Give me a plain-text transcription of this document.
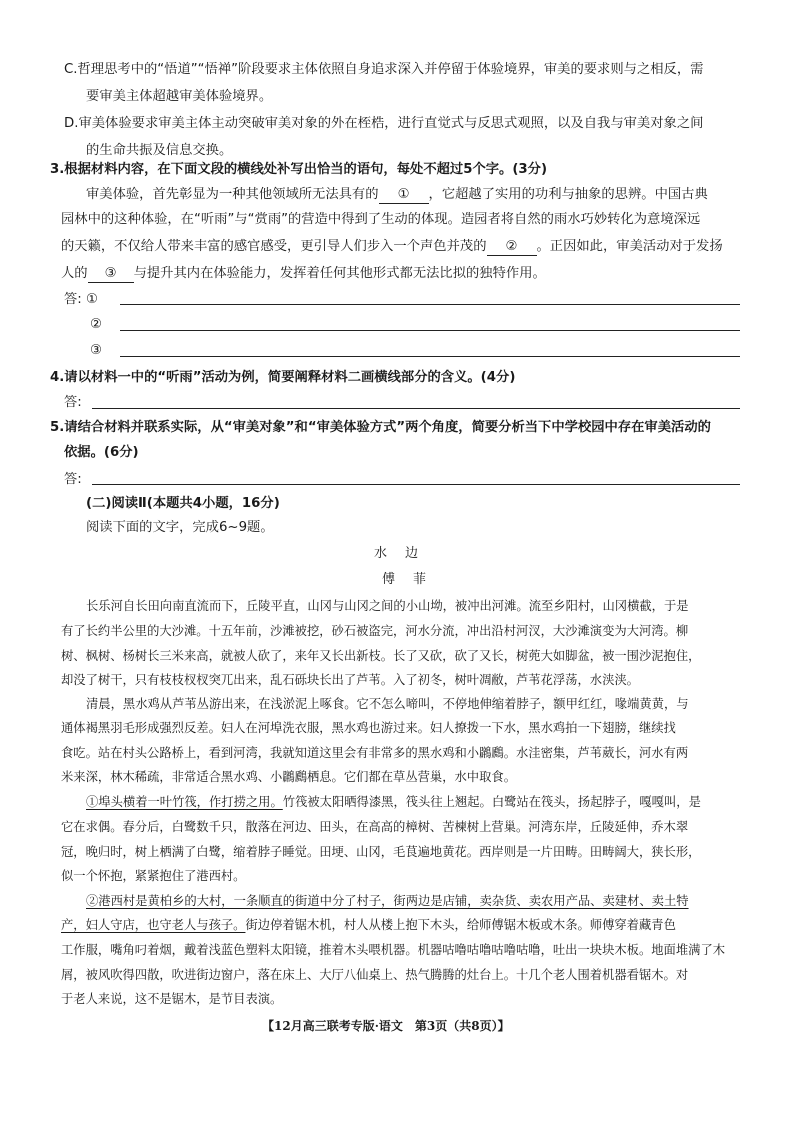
C.哲理思考中的“悟道”“悟禅”阶段要求主体依照自身追求深入并停留于体验境界，审美的要求则与之相反，需
要审美主体超越审美体验境界。
D.审美体验要求审美主体主动突破审美对象的外在桎梏，进行直觉式与反思式观照，以及自我与审美对象之间
的生命共振及信息交换。
3.根据材料内容，在下面文段的横线处补写出恰当的语句，每处不超过5个字。(3分)
审美体验，首先彰显为一种其他领域所无法具有的 ① ，它超越了实用的功利与抽象的思辨。中国古典
园林中的这种体验，在“听雨”与“赏雨”的营造中得到了生动的体现。造园者将自然的雨水巧妙转化为意境深远
的天籁，不仅给人带来丰富的感官感受，更引导人们步入一个声色并茂的 ② 。正因如此，审美活动对于发扬
人的 ③ 与提升其内在体验能力，发挥着任何其他形式都无法比拟的独特作用。
答: ①
②
③
4.请以材料一中的“听雨”活动为例，简要阐释材料二画横线部分的含义。(4分)
答:
5.请结合材料并联系实际，从“审美对象”和“审美体验方式”两个角度，简要分析当下中学校园中存在审美活动的
依据。(6分)
答:
(二)阅读Ⅱ(本题共4小题，16分)
阅读下面的文字，完成6~9题。
水边
傅菲
长乐河自长田向南直流而下，丘陵平直，山冈与山冈之间的小山坳，被冲出河滩。流至乡阳村，山冈横截，于是
有了长约半公里的大沙滩。十五年前，沙滩被挖，砂石被盗完，河水分流，冲出沿村河汊，大沙滩演变为大河湾。柳
树、枫树、杨树长三米来高，就被人砍了，来年又长出新枝。长了又砍，砍了又长，树蔸大如脚盆，被一围沙泥抱住，
却没了树干，只有枝枝杈杈突兀出来，乱石砾块长出了芦苇。入了初冬，树叶凋敝，芦苇花浮荡，水浃浃。
清晨，黑水鸡从芦苇丛游出来，在浅淤泥上啄食。它不怎么啼叫，不停地伸缩着脖子，额甲红红，喙端黄黄，与
通体褐黑羽毛形成强烈反差。妇人在河埠洗衣服，黑水鸡也游过来。妇人撩拨一下水，黑水鸡拍一下翅膀，继续找
食吃。站在村头公路桥上，看到河湾，我就知道这里会有非常多的黑水鸡和小鸊鷉。水洼密集，芦苇葳长，河水有两
米来深，林木稀疏，非常适合黑水鸡、小鸊鷉栖息。它们都在草丛营巢，水中取食。
①埠头横着一叶竹筏，作打捞之用。竹筏被太阳晒得漆黑，筏头往上翘起。白鹭站在筏头，扬起脖子，嘎嘎叫，是
它在求偶。春分后，白鹭数千只，散落在河边、田头，在高高的樟树、苦楝树上营巢。河湾东岸，丘陵延伸，乔木翠
冠，晚归时，树上栖满了白鹭，缩着脖子睡觉。田埂、山冈，毛茛遍地黄花。西岸则是一片田畴。田畴阔大，狭长形，
似一个怀抱，紧紧抱住了港西村。
②港西村是黄柏乡的大村，一条顺直的街道中分了村子，街两边是店铺，卖杂货、卖农用产品、卖建材、卖土特
产，妇人守店，也守老人与孩子。街边停着锯木机，村人从楼上抱下木头，给师傅锯木板或木条。师傅穿着藏青色
工作服，嘴角叼着烟，戴着浅蓝色塑料太阳镜，推着木头喂机器。机器咕噜咕噜咕噜咕噜，吐出一块块木板。地面堆满了木
屑，被风吹得四散，吹进街边窗户，落在床上、大厅八仙桌上、热气腾腾的灶台上。十几个老人围着机器看锯木。对
于老人来说，这不是锯木，是节目表演。
【12月高三联考专版·语文　第3页（共8页）】
